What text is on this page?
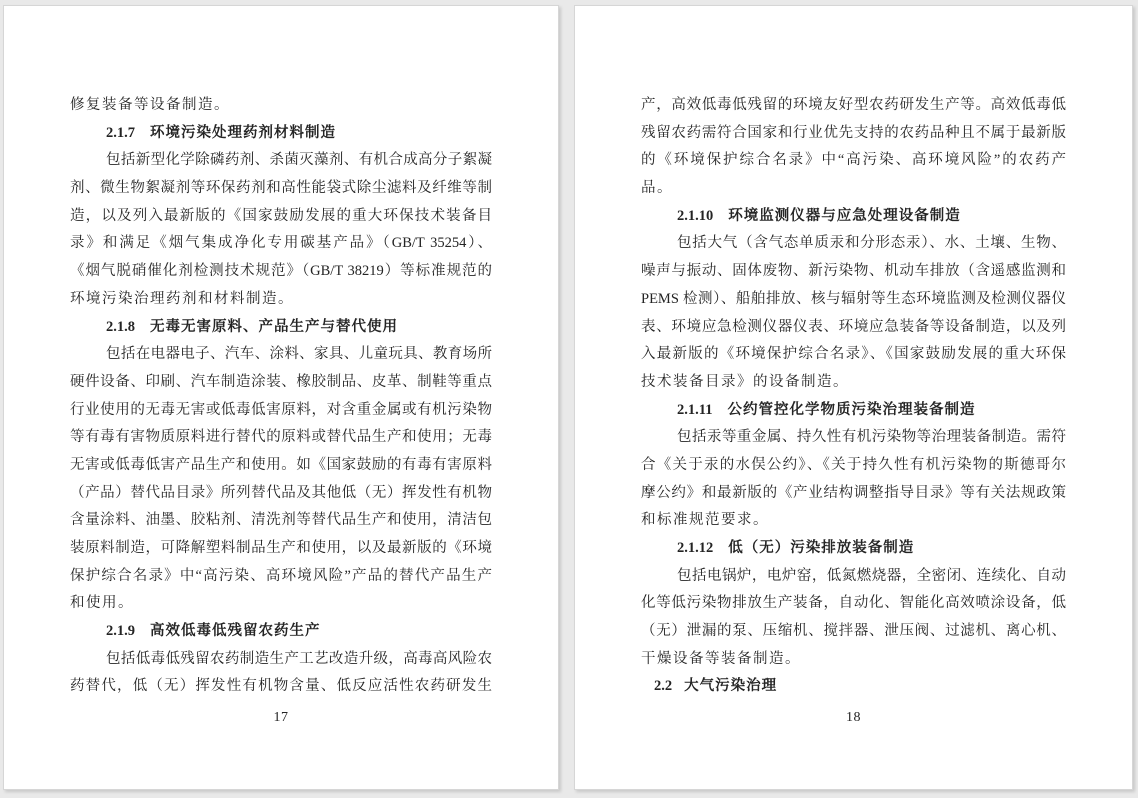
修复装备等设备制造。
2.1.7 环境污染处理药剂材料制造
包括新型化学除磷药剂、杀菌灭藻剂、有机合成高分子絮凝
剂、微生物絮凝剂等环保药剂和高性能袋式除尘滤料及纤维等制
造，以及列入最新版的《国家鼓励发展的重大环保技术装备目
录》和满足《烟气集成净化专用碳基产品》（GB/T 35254）、
《烟气脱硝催化剂检测技术规范》（GB/T 38219）等标准规范的
环境污染治理药剂和材料制造。
2.1.8 无毒无害原料、产品生产与替代使用
包括在电器电子、汽车、涂料、家具、儿童玩具、教育场所
硬件设备、印刷、汽车制造涂装、橡胶制品、皮革、制鞋等重点
行业使用的无毒无害或低毒低害原料，对含重金属或有机污染物
等有毒有害物质原料进行替代的原料或替代品生产和使用；无毒
无害或低毒低害产品生产和使用。如《国家鼓励的有毒有害原料
（产品）替代品目录》所列替代品及其他低（无）挥发性有机物
含量涂料、油墨、胶粘剂、清洗剂等替代品生产和使用，清洁包
装原料制造，可降解塑料制品生产和使用，以及最新版的《环境
保护综合名录》中“高污染、高环境风险”产品的替代产品生产
和使用。
2.1.9 高效低毒低残留农药生产
包括低毒低残留农药制造生产工艺改造升级，高毒高风险农
药替代，低（无）挥发性有机物含量、低反应活性农药研发生
17
产，高效低毒低残留的环境友好型农药研发生产等。高效低毒低
残留农药需符合国家和行业优先支持的农药品种且不属于最新版
的《环境保护综合名录》中“高污染、高环境风险”的农药产
品。
2.1.10 环境监测仪器与应急处理设备制造
包括大气（含气态单质汞和分形态汞）、水、土壤、生物、
噪声与振动、固体废物、新污染物、机动车排放（含遥感监测和
PEMS 检测）、船舶排放、核与辐射等生态环境监测及检测仪器仪
表、环境应急检测仪器仪表、环境应急装备等设备制造，以及列
入最新版的《环境保护综合名录》、《国家鼓励发展的重大环保
技术装备目录》的设备制造。
2.1.11 公约管控化学物质污染治理装备制造
包括汞等重金属、持久性有机污染物等治理装备制造。需符
合《关于汞的水俣公约》、《关于持久性有机污染物的斯德哥尔
摩公约》和最新版的《产业结构调整指导目录》等有关法规政策
和标准规范要求。
2.1.12 低（无）污染排放装备制造
包括电锅炉，电炉窑，低氮燃烧器，全密闭、连续化、自动
化等低污染物排放生产装备，自动化、智能化高效喷涂设备，低
（无）泄漏的泵、压缩机、搅拌器、泄压阀、过滤机、离心机、
干燥设备等装备制造。
2.2 大气污染治理
18
